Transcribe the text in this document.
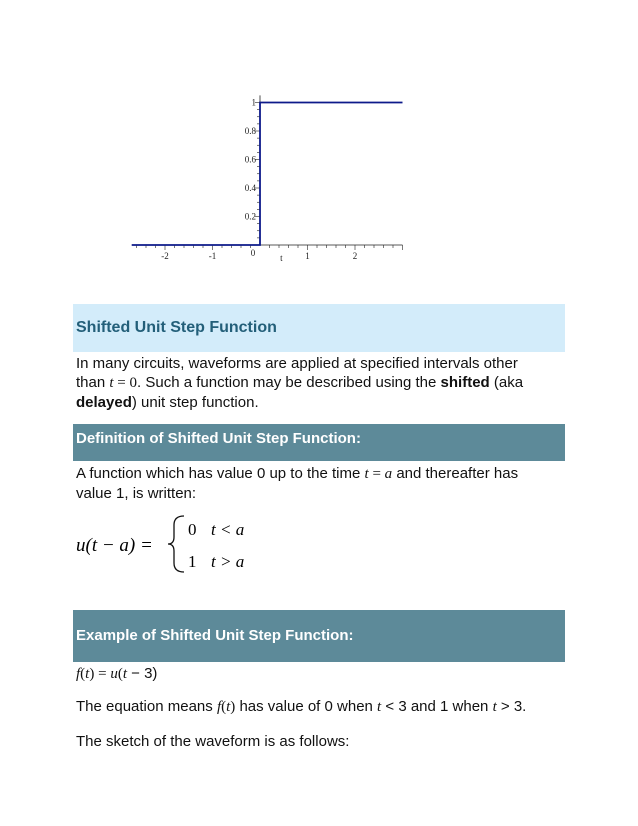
-2	-1	1	2
0	t
0.2
0.4
0.6
0.8
1
Shifted Unit Step Function
In many circuits, waveforms are applied at specified intervals other
than t = 0. Such a function may be described using the shifted (aka
delayed) unit step function.
Definition of Shifted Unit Step Function:
A function which has value 0 up to the time t = a and thereafter has
value 1, is written:
u(t − a) =
0 t < a
1 t > a
Example of Shifted Unit Step Function:
f(t) = u(t − 3)
The equation means f(t) has value of 0 when t < 3 and 1 when t > 3.
The sketch of the waveform is as follows:
